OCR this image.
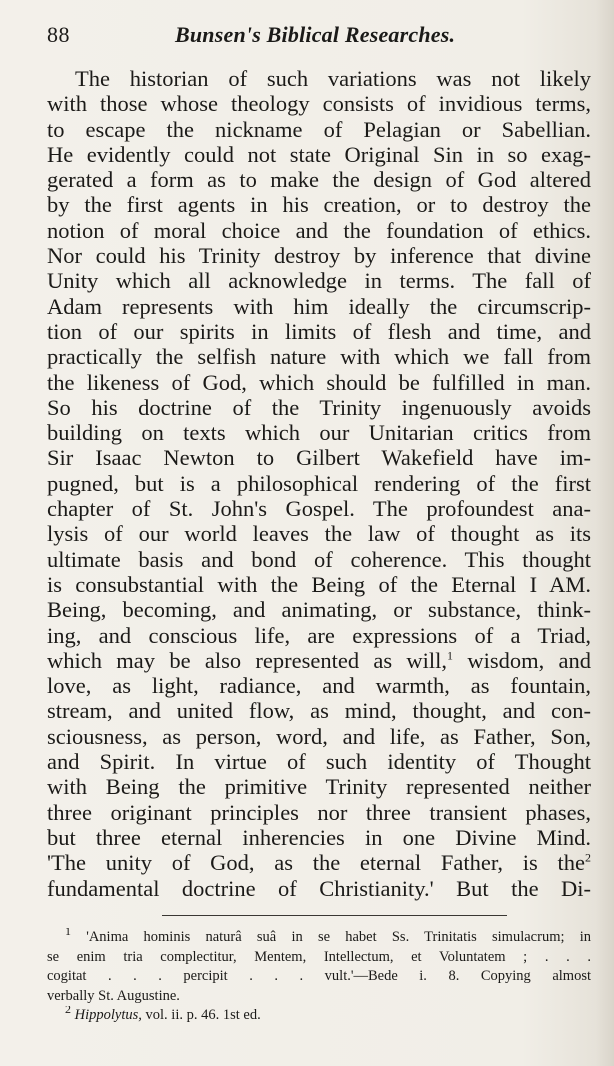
88	Bunsen's Biblical Researches.
The historian of such variations was not likely
with those whose theology consists of invidious terms,
to escape the nickname of Pelagian or Sabellian.
He evidently could not state Original Sin in so exag-
gerated a form as to make the design of God altered
by the first agents in his creation, or to destroy the
notion of moral choice and the foundation of ethics.
Nor could his Trinity destroy by inference that divine
Unity which all acknowledge in terms. The fall of
Adam represents with him ideally the circumscrip-
tion of our spirits in limits of flesh and time, and
practically the selfish nature with which we fall from
the likeness of God, which should be fulfilled in man.
So his doctrine of the Trinity ingenuously avoids
building on texts which our Unitarian critics from
Sir Isaac Newton to Gilbert Wakefield have im-
pugned, but is a philosophical rendering of the first
chapter of St. John's Gospel. The profoundest ana-
lysis of our world leaves the law of thought as its
ultimate basis and bond of coherence. This thought
is consubstantial with the Being of the Eternal I AM.
Being, becoming, and animating, or substance, think-
ing, and conscious life, are expressions of a Triad,
which may be also represented as will,$^1$ wisdom, and
love, as light, radiance, and warmth, as fountain,
stream, and united flow, as mind, thought, and con-
sciousness, as person, word, and life, as Father, Son,
and Spirit. In virtue of such identity of Thought
with Being the primitive Trinity represented neither
three originant principles nor three transient phases,
but three eternal inherencies in one Divine Mind.
'The unity of God, as the eternal Father, is the$^2$
fundamental doctrine of Christianity.' But the Di-
$^1$ 'Anima hominis naturâ suâ in se habet Ss. Trinitatis simulacrum; in
se enim tria complectitur, Mentem, Intellectum, et Voluntatem ; . . .
cogitat . . . percipit . . . vult.'—Bede i. 8. Copying almost
verbally St. Augustine.
$^2$ Hippolytus, vol. ii. p. 46. 1st ed.
